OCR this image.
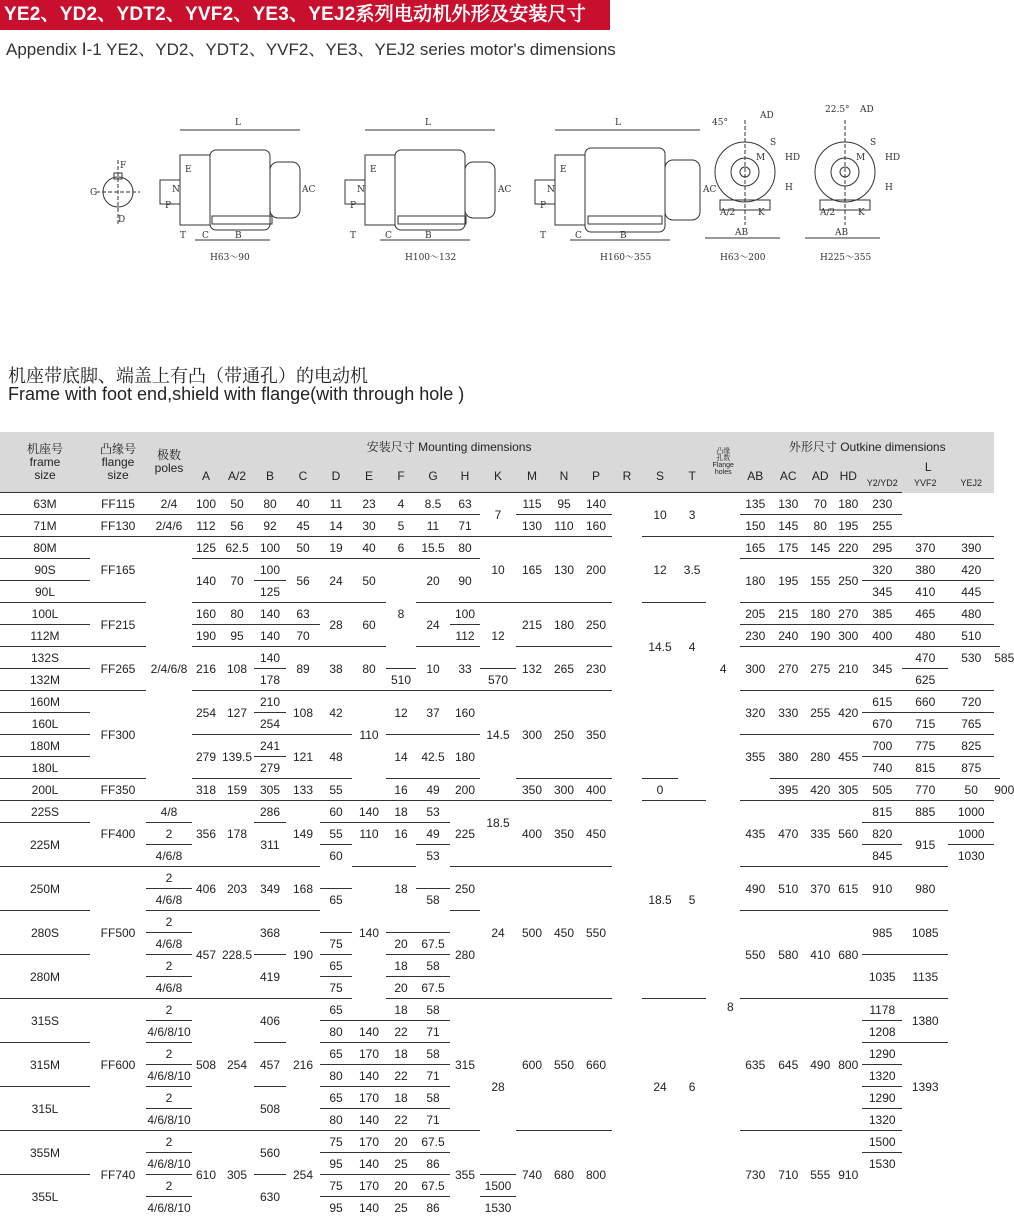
YE2、YD2、YDT2、YVF2、YE3、YEJ2系列电动机外形及安装尺寸
Appendix Ⅰ-1 YE2、YD2、YDT2、YVF2、YE3、YEJ2 series motor's dimensions
F
G
D
L
E
N
P
AC
T C	B
H63～90
L
E
N
P
AC
T	C	B
H100～132
L
E
N
P
AC
T	C	B
H160～355
45°
AD
S
M HD
H
A/2	K
AB
H63～200
22.5° AD
S
M HD
H
A/2	K
AB
H225～355
机座带底脚、端盖上有凸（带通孔）的电动机
Frame with foot end,shield with flange(with through hole )
机座号
frame
size	凸缘号
flange
size	极数
poles	安装尺寸 Mounting dimensions																凸缘
孔数
Flange
holes	外形尺寸 Outkine dimensions							
			A	A/2	B	C	D	E	F	G	H	K	M	N	P	R	S	T		AB	AC	AD	HD	L			
																								Y2/YD2	YVF2	YEJ2	
63M	FF115	2/4	100	50	80	40	11	23	4	8.5	63	7	115	95	140		10	3		135	130	70	180	230			
71M	FF130	2/4/6	112	56	92	45	14	30	5	11	71		130	110	160					150	145	80	195	255			
80M	FF165	2/4/6/8	125	62.5	100	50	19	40	6	15.5	80	10	165	130	200		12	3.5	4	165	175	145	220	295	370	390	
90S			140	70	100	56	24	50	8	20	90									180	195	155	250	320	380	420	
90L					125																			345	410	445	
100L	FF215		160	80	140	63	28	60		24	100	12	215	180	250		14.5	4		205	215	180	270	385	465	480	
112M			190	95	140	70					112									230	240	190	300	400	480	510	
132S	FF265		216	108	140	89	38	80		10	33		132	265	230					300	270	275	210	345	470	530	585
132M					178				510			570													625		
160M	FF300		254	127	210	108	42	110	12	37	160	14.5	300	250	350					320	330	255	420	615	660	720	
160L					254																			670	715	765	
180M			279	139.5	241	121	48		14	42.5	180									355	380	280	455	700	775	825	
180L					279																			740	815	875	
200L	FF350		318	159	305	133	55		16	49	200		350	300	400		0				395	420	305	505	770	50	900
225S	FF400	4/8	356	178	286	149	60	140	18	53	225	18.5	400	350	450		18.5	5		435	470	335	560	815	885	1000	
225M		2			311		55	110	16	49														820	915	1000	
		4/6/8					60			53														845		1030	
250M	FF500	2	406	203	349	168		140	18		250	24	500	450	550					490	510	370	615	910	980		
		4/6/8					65			58																	
280S		2	457	228.5	368	190					280									550	580	410	680	985	1085		
		4/6/8					75		20	67.5																	
280M		2			419		65		18	58														1035	1135		
		4/6/8					75		20	67.5																	
315S	FF600	2	508	254	406	216	65		18	58	315	28	600	550	660		24	6		635	645	490	800	1178	1380		
		4/6/8/10					80	140	22	71														1208			
315M		2			457		65	170	18	58														1290	1393		
		4/6/8/10					80	140	22	71														1320			
315L		2			508		65	170	18	58														1290			
		4/6/8/10					80	140	22	71														1320			
355M	FF740	2	610	305	560	254	75	170	20	67.5	355		740	680	800					730	710	555	910	1500			
		4/6/8/10					95	140	25	86														1530			
355L		2			630		75	170	20	67.5		1500															
		4/6/8/10					95	140	25	86		1530															
8
